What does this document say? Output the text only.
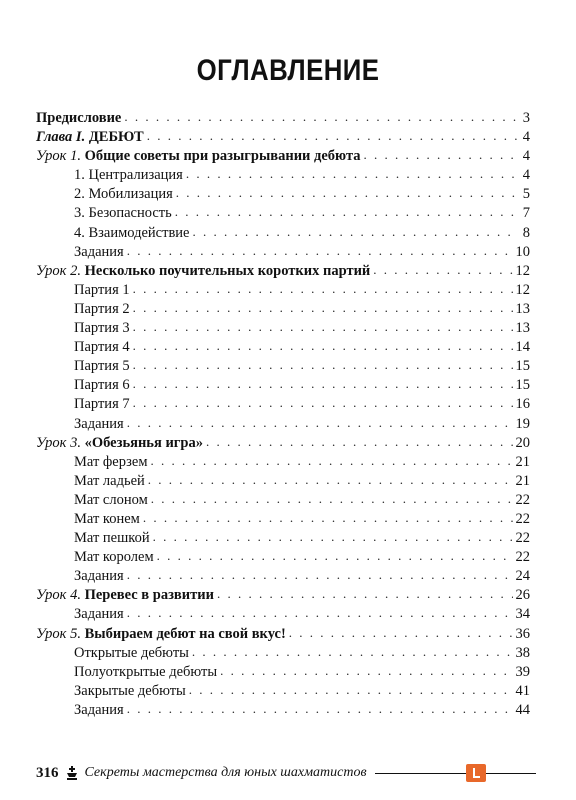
ОГЛАВЛЕНИЕ
Предисловие . . .	3
Глава I. ДЕБЮТ . . .	4
Урок 1. Общие советы при разыгрывании дебюта . . .	4
1. Централизация . . .	4
2. Мобилизация . . .	5
3. Безопасность . . .	7
4. Взаимодействие . . .	8
Задания . . .	10
Урок 2. Несколько поучительных коротких партий . . .	12
Партия 1 . . .	12
Партия 2 . . .	13
Партия 3 . . .	13
Партия 4 . . .	14
Партия 5 . . .	15
Партия 6 . . .	15
Партия 7 . . .	16
Задания . . .	19
Урок 3. «Обезьянья игра» . . .	20
Мат ферзем . . .	21
Мат ладьей . . .	21
Мат слоном . . .	22
Мат конем . . .	22
Мат пешкой . . .	22
Мат королем . . .	22
Задания . . .	24
Урок 4. Перевес в развитии . . .	26
Задания . . .	34
Урок 5. Выбираем дебют на свой вкус! . . .	36
Открытые дебюты . . .	38
Полуоткрытые дебюты . . .	39
Закрытые дебюты . . .	41
Задания . . .	44
316 Секреты мастерства для юных шахматистов
